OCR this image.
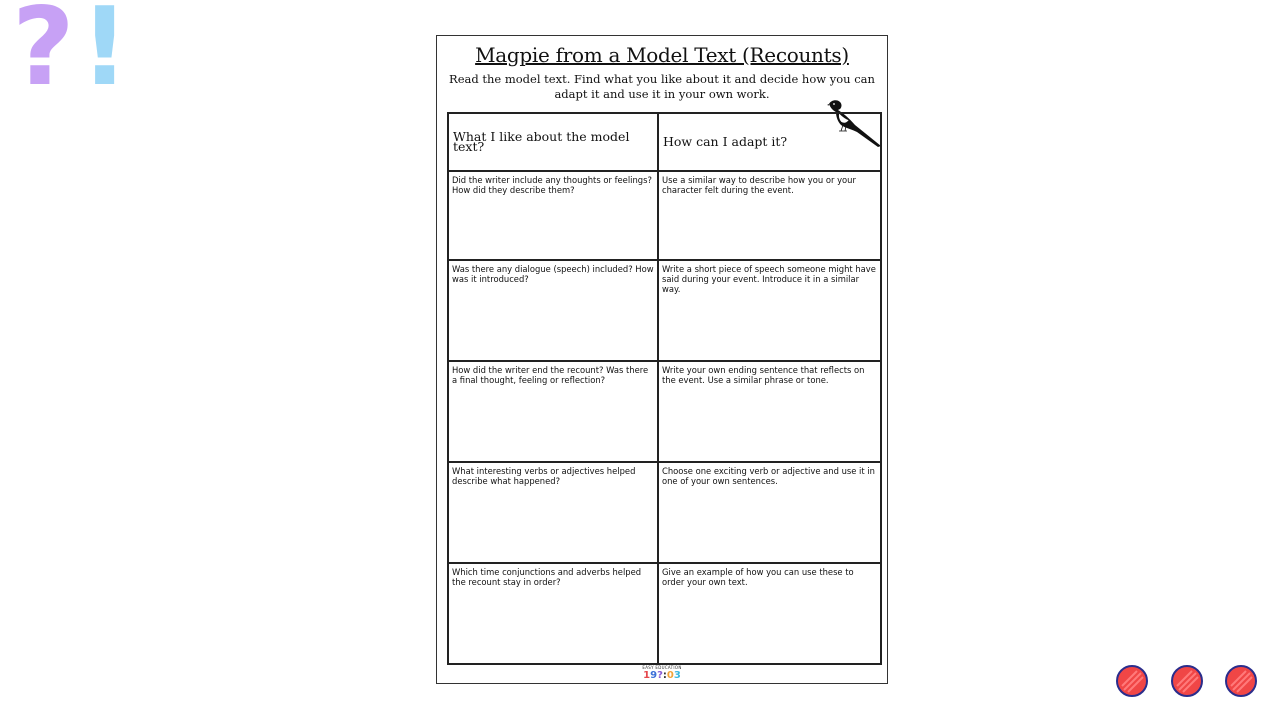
? !	Magpie from a Model Text (Recounts)
Read the model text. Find what you like about it and decide how you can adapt it and use it in your own work.
What I like about the model text?	How can I adapt it?
Did the writer include any thoughts or feelings? How did they describe them?	Use a similar way to describe how you or your character felt during the event.
Was there any dialogue (speech) included? How was it introduced?	Write a short piece of speech someone might have said during your event. Introduce it in a similar way.
How did the writer end the recount? Was there a final thought, feeling or reflection?	Write your own ending sentence that reflects on the event. Use a similar phrase or tone.
What interesting verbs or adjectives helped describe what happened?	Choose one exciting verb or adjective and use it in one of your own sentences.
Which time conjunctions and adverbs helped the recount stay in order?	Give an example of how you can use these to order your own text.
EASY EDUCATION
19?:03
